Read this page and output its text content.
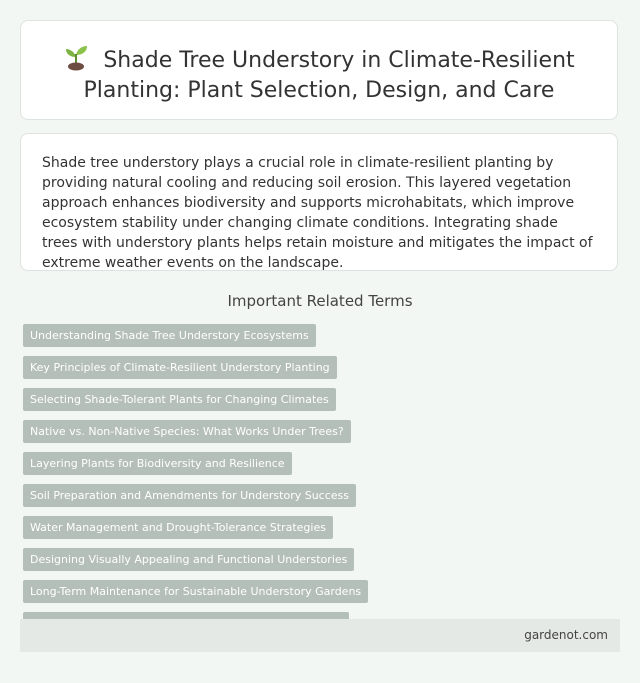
Shade Tree Understory in Climate-Resilient Planting: Plant Selection, Design, and Care

Shade tree understory plays a crucial role in climate-resilient planting by providing natural cooling and reducing soil erosion. This layered vegetation approach enhances biodiversity and supports microhabitats, which improve ecosystem stability under changing climate conditions. Integrating shade trees with understory plants helps retain moisture and mitigates the impact of extreme weather events on the landscape.

Important Related Terms
Understanding Shade Tree Understory Ecosystems
Key Principles of Climate-Resilient Understory Planting
Selecting Shade-Tolerant Plants for Changing Climates
Native vs. Non-Native Species: What Works Under Trees?
Layering Plants for Biodiversity and Resilience
Soil Preparation and Amendments for Understory Success
Water Management and Drought-Tolerance Strategies
Designing Visually Appealing and Functional Understories
Long-Term Maintenance for Sustainable Understory Gardens
gardenot.com
